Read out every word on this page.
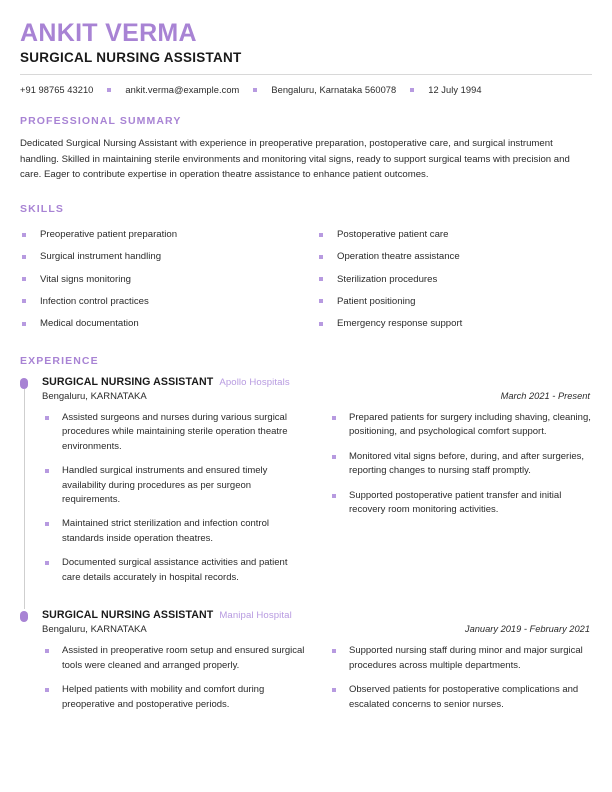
ANKIT VERMA
SURGICAL NURSING ASSISTANT
+91 98765 43210	ankit.verma@example.com	Bengaluru, Karnataka 560078	12 July 1994
PROFESSIONAL SUMMARY

Dedicated Surgical Nursing Assistant with experience in preoperative preparation, postoperative care, and surgical instrument handling. Skilled in maintaining sterile environments and monitoring vital signs, ready to support surgical teams with precision and care. Eager to contribute expertise in operation theatre assistance to enhance patient outcomes.

SKILLS
Preoperative patient preparation	Postoperative patient care
Surgical instrument handling	Operation theatre assistance
Vital signs monitoring	Sterilization procedures
Infection control practices	Patient positioning
Medical documentation	Emergency response support
EXPERIENCE
SURGICAL NURSING ASSISTANT Apollo Hospitals
Bengaluru, KARNATAKA	March 2021 - Present
Assisted surgeons and nurses during various surgical procedures while maintaining sterile operation theatre environments.
Handled surgical instruments and ensured timely availability during procedures as per surgeon requirements.
Maintained strict sterilization and infection control standards inside operation theatres.
Documented surgical assistance activities and patient care details accurately in hospital records.
Prepared patients for surgery including shaving, cleaning, positioning, and psychological comfort support.
Monitored vital signs before, during, and after surgeries, reporting changes to nursing staff promptly.
Supported postoperative patient transfer and initial recovery room monitoring activities.
SURGICAL NURSING ASSISTANT Manipal Hospital
Bengaluru, KARNATAKA	January 2019 - February 2021
Assisted in preoperative room setup and ensured surgical tools were cleaned and arranged properly.
Helped patients with mobility and comfort during preoperative and postoperative periods.
Supported nursing staff during minor and major surgical procedures across multiple departments.
Observed patients for postoperative complications and escalated concerns to senior nurses.
